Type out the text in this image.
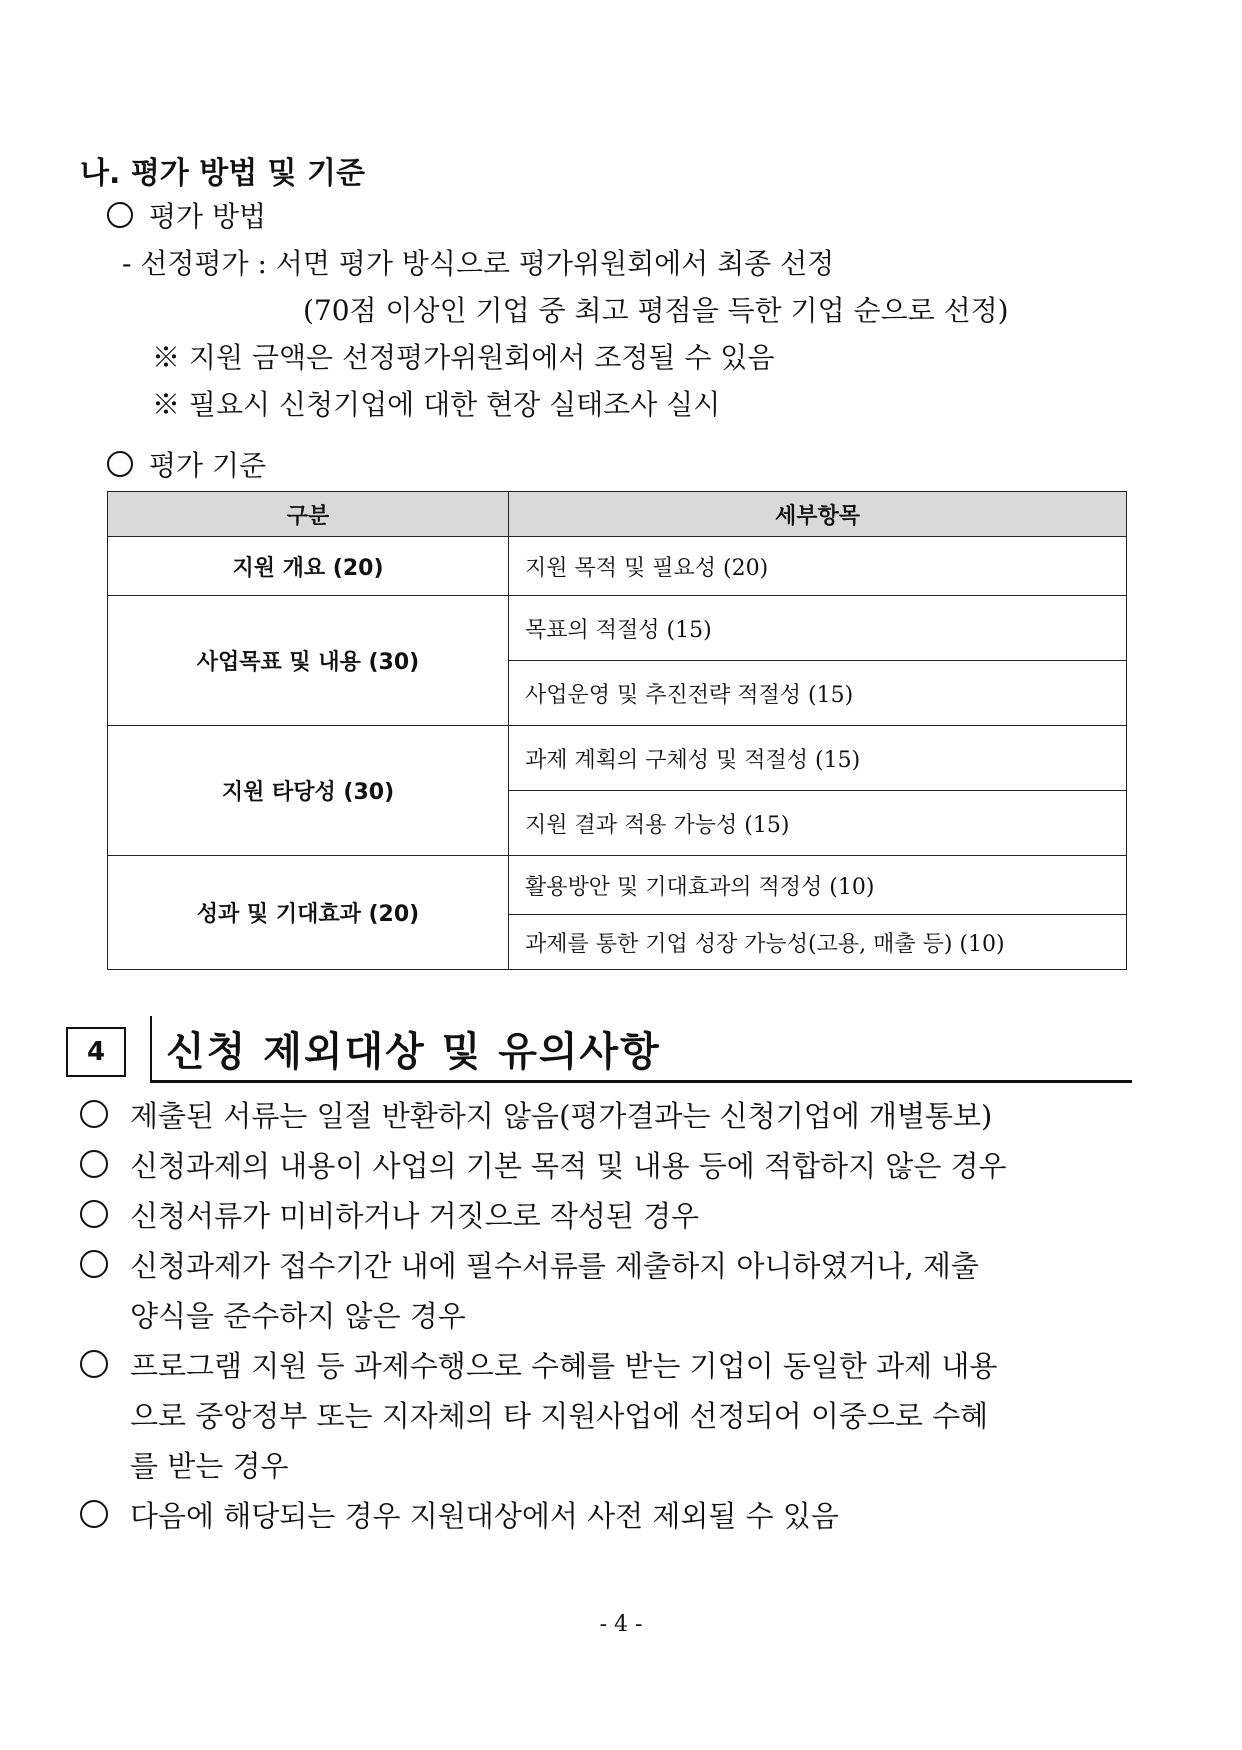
나. 평가 방법 및 기준
평가 방법
- 선정평가 : 서면 평가 방식으로 평가위원회에서 최종 선정
(70점 이상인 기업 중 최고 평점을 득한 기업 순으로 선정)
※ 지원 금액은 선정평가위원회에서 조정될 수 있음
※ 필요시 신청기업에 대한 현장 실태조사 실시
평가 기준
구분	세부항목
지원 개요 (20)	지원 목적 및 필요성 (20)
사업목표 및 내용 (30)	목표의 적절성 (15)
	사업운영 및 추진전략 적절성 (15)
지원 타당성 (30)	과제 계획의 구체성 및 적절성 (15)
	지원 결과 적용 가능성 (15)
성과 및 기대효과 (20)	활용방안 및 기대효과의 적정성 (10)
	과제를 통한 기업 성장 가능성(고용, 매출 등) (10)
4	신청 제외대상 및 유의사항
제출된 서류는 일절 반환하지 않음(평가결과는 신청기업에 개별통보)
신청과제의 내용이 사업의 기본 목적 및 내용 등에 적합하지 않은 경우
신청서류가 미비하거나 거짓으로 작성된 경우
신청과제가 접수기간 내에 필수서류를 제출하지 아니하였거나, 제출
양식을 준수하지 않은 경우
프로그램 지원 등 과제수행으로 수혜를 받는 기업이 동일한 과제 내용
으로 중앙정부 또는 지자체의 타 지원사업에 선정되어 이중으로 수혜
를 받는 경우
다음에 해당되는 경우 지원대상에서 사전 제외될 수 있음
- 4 -
